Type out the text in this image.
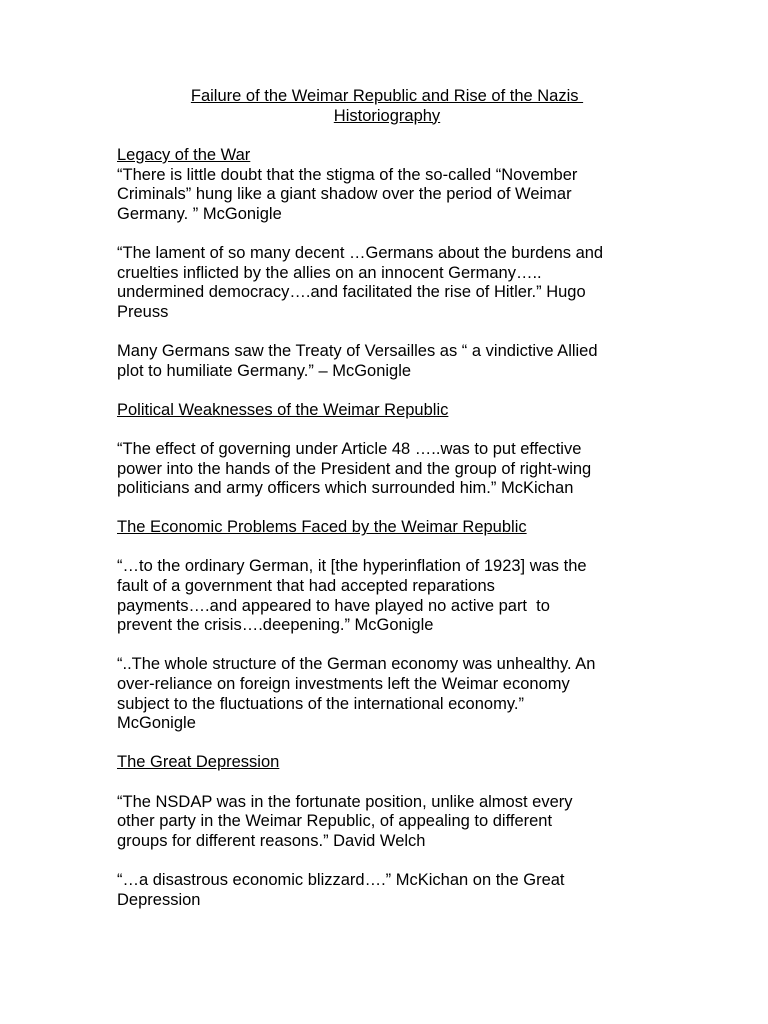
Failure of the Weimar Republic and Rise of the Nazis
Historiography
Legacy of the War
“There is little doubt that the stigma of the so-called “November
Criminals” hung like a giant shadow over the period of Weimar
Germany. ” McGonigle
“The lament of so many decent …Germans about the burdens and
cruelties inflicted by the allies on an innocent Germany…..
undermined democracy….and facilitated the rise of Hitler.” Hugo
Preuss
Many Germans saw the Treaty of Versailles as “ a vindictive Allied
plot to humiliate Germany.” – McGonigle
Political Weaknesses of the Weimar Republic
“The effect of governing under Article 48 …..was to put effective
power into the hands of the President and the group of right-wing
politicians and army officers which surrounded him.” McKichan
The Economic Problems Faced by the Weimar Republic
“…to the ordinary German, it [the hyperinflation of 1923] was the
fault of a government that had accepted reparations
payments….and appeared to have played no active part  to
prevent the crisis….deepening.” McGonigle
“..The whole structure of the German economy was unhealthy. An
over-reliance on foreign investments left the Weimar economy
subject to the fluctuations of the international economy.”
McGonigle
The Great Depression
“The NSDAP was in the fortunate position, unlike almost every
other party in the Weimar Republic, of appealing to different
groups for different reasons.” David Welch
“…a disastrous economic blizzard….” McKichan on the Great
Depression
